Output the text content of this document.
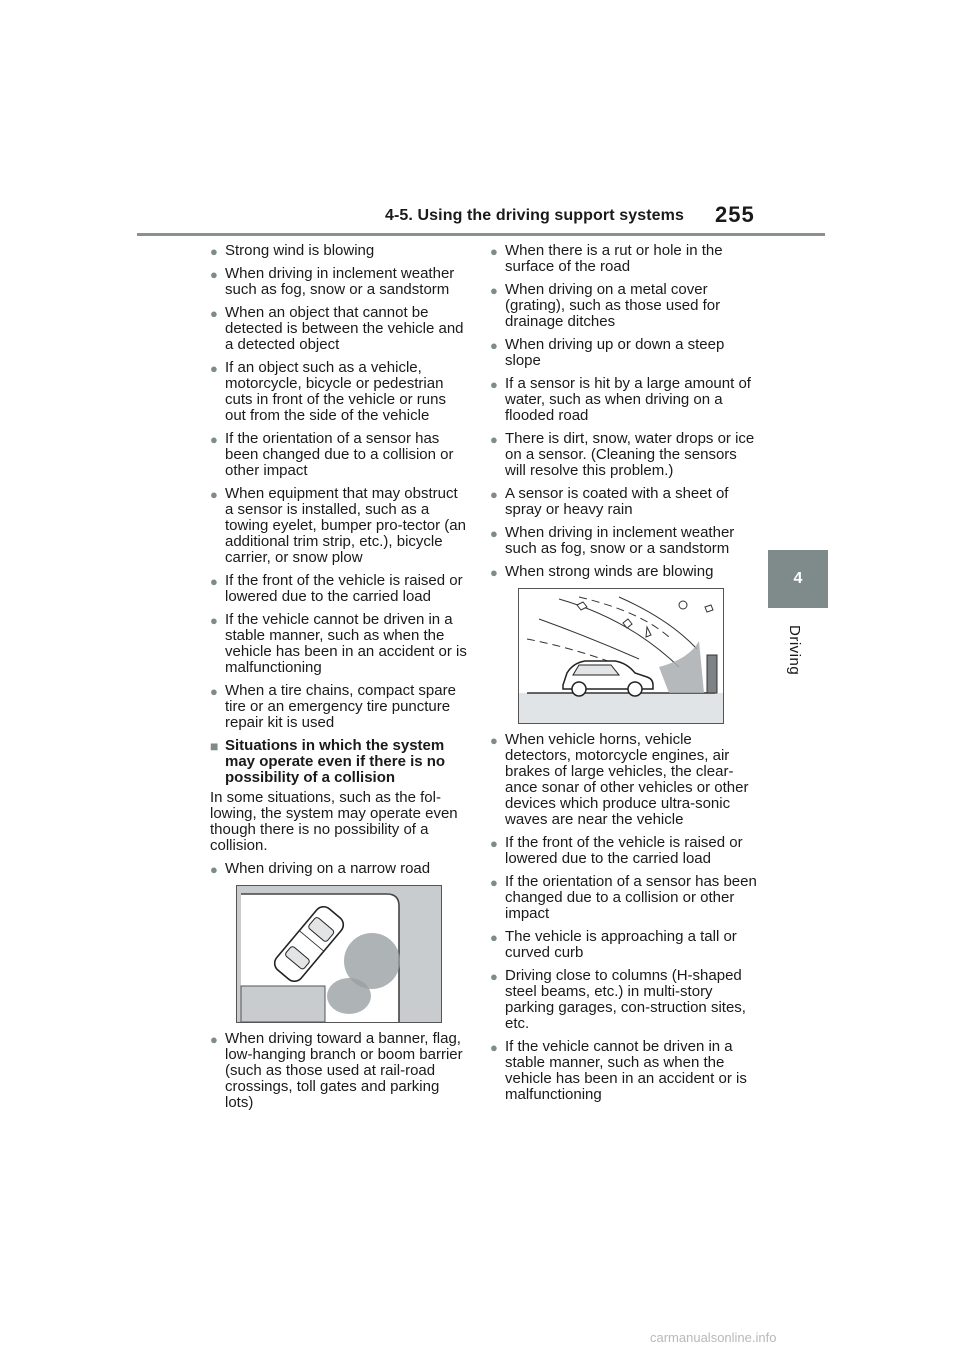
4-5. Using the driving support systems 255
4
Driving
● Strong wind is blowing
● When driving in inclement weather such as fog, snow or a sandstorm
● When an object that cannot be detected is between the vehicle and a detected object
● If an object such as a vehicle, motorcycle, bicycle or pedestrian cuts in front of the vehicle or runs out from the side of the vehicle
● If the orientation of a sensor has been changed due to a collision or other impact
● When equipment that may obstruct a sensor is installed, such as a towing eyelet, bumper pro-tector (an additional trim strip, etc.), bicycle carrier, or snow plow
● If the front of the vehicle is raised or lowered due to the carried load
● If the vehicle cannot be driven in a stable manner, such as when the vehicle has been in an accident or is malfunctioning
● When a tire chains, compact spare tire or an emergency tire puncture repair kit is used
■ Situations in which the system may operate even if there is no possibility of a collision
In some situations, such as the fol-lowing, the system may operate even though there is no possibility of a collision.
● When driving on a narrow road
● When driving toward a banner, flag, low-hanging branch or boom barrier (such as those used at rail-road crossings, toll gates and parking lots)
● When there is a rut or hole in the surface of the road
● When driving on a metal cover (grating), such as those used for drainage ditches
● When driving up or down a steep slope
● If a sensor is hit by a large amount of water, such as when driving on a flooded road
● There is dirt, snow, water drops or ice on a sensor. (Cleaning the sensors will resolve this problem.)
● A sensor is coated with a sheet of spray or heavy rain
● When driving in inclement weather such as fog, snow or a sandstorm
● When strong winds are blowing
● When vehicle horns, vehicle detectors, motorcycle engines, air brakes of large vehicles, the clear-ance sonar of other vehicles or other devices which produce ultra-sonic waves are near the vehicle
● If the front of the vehicle is raised or lowered due to the carried load
● If the orientation of a sensor has been changed due to a collision or other impact
● The vehicle is approaching a tall or curved curb
● Driving close to columns (H-shaped steel beams, etc.) in multi-story parking garages, con-struction sites, etc.
● If the vehicle cannot be driven in a stable manner, such as when the vehicle has been in an accident or is malfunctioning
carmanualsonline.info
